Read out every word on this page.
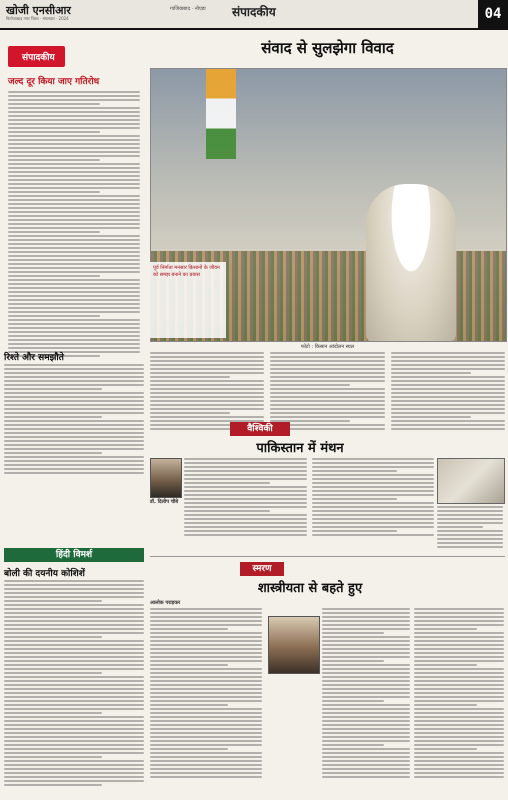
खोजी एनसीआर
फिरोजाबाद नगर जिला · मंगलवार · 2024
गाजियाबाद · नोएडा	संपादकीय	04
संपादकीय
जल्द दूर किया जाए गतिरोध
रिश्ते और समझौते
संवाद से सुलझेगा विवाद
पूर्व निर्माता मनसार किसानों के जीवन को समझ बनाने का प्रयास
फोटो : किसान आंदोलन स्थल
वैश्विकी
पाकिस्तान में मंथन
डॉ. दिलीप चौबे
हिंदी विमर्श
बोली की दयनीय कोशिशें	स्मरण
शास्त्रीयता से बहते हुए
आलोक पराड़कर
